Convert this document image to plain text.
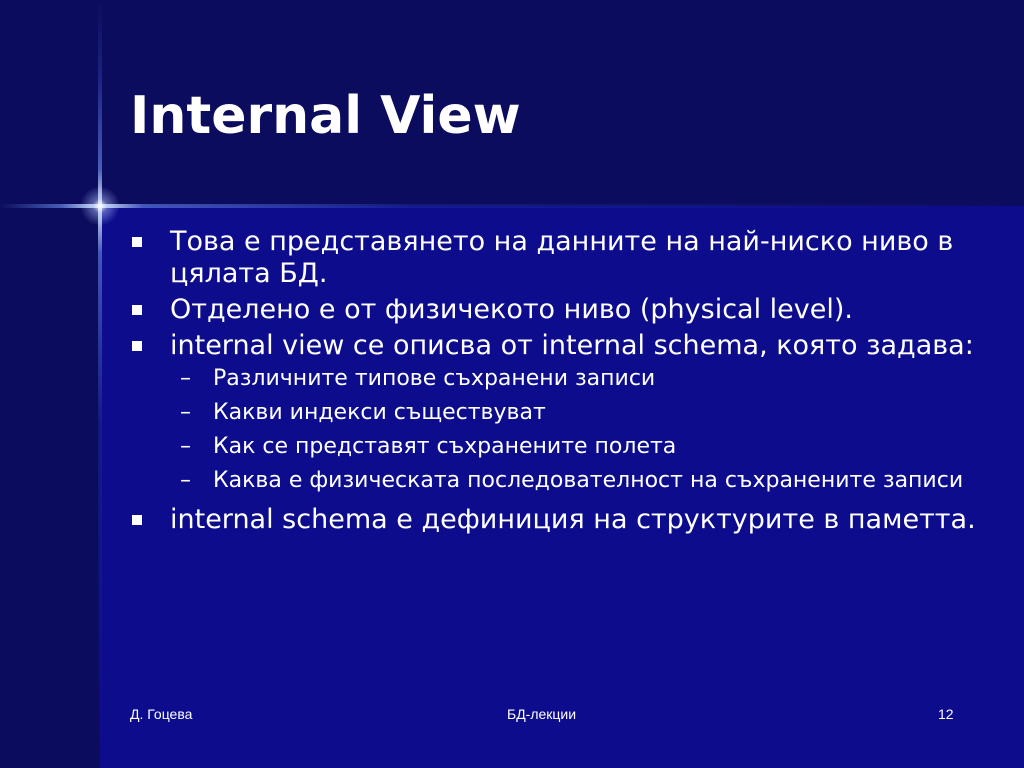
Internal View
Това е представянето на данните на най-ниско ниво в цялата БД.
Отделено е от физичекото ниво (physical level).
internal view се описва от internal schema, която задава:
– Различните типове съхранени записи
– Какви индекси съществуват
– Как се представят съхранените полета
– Каква е физическата последователност на съхранените записи
internal schema е дефиниция на структурите в паметта.
Д. Гоцева	БД-лекции	12
